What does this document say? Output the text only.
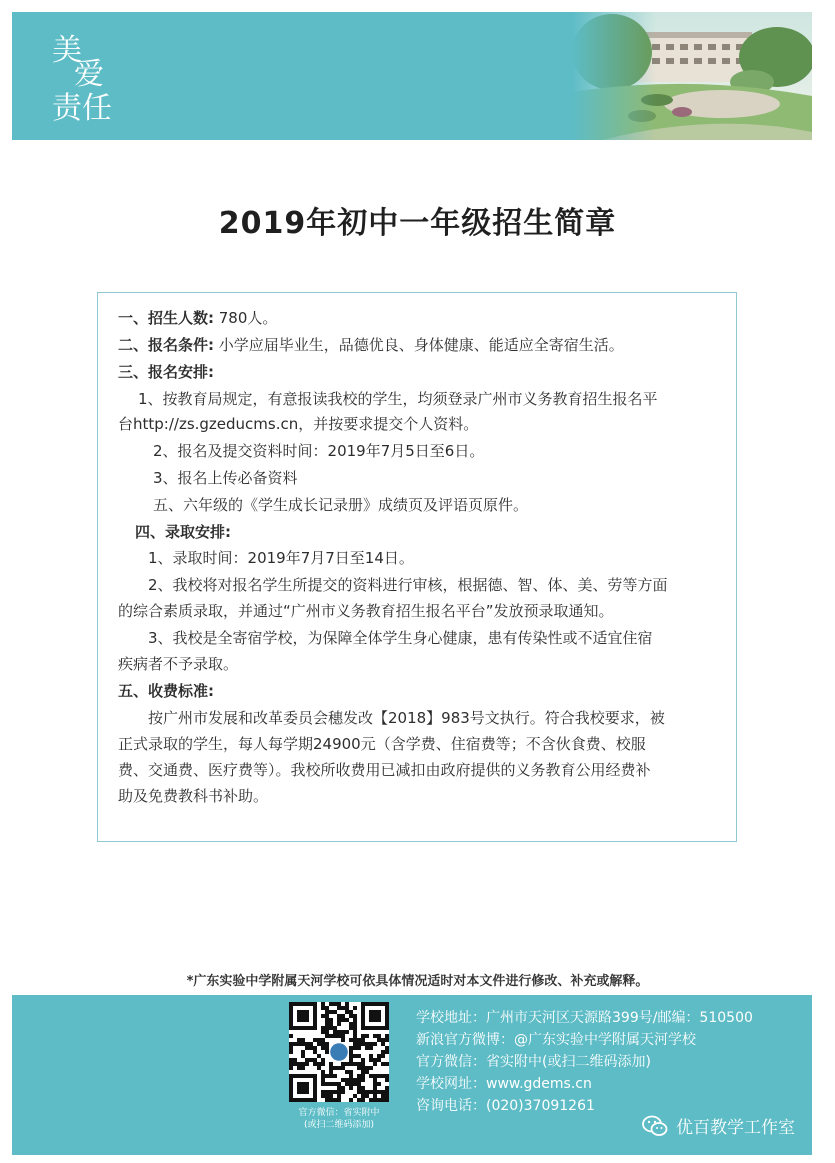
美
爱
责任
2019年初中一年级招生简章
一、招生人数: 780人。
二、报名条件: 小学应届毕业生，品德优良、身体健康、能适应全寄宿生活。
三、报名安排:
1、按教育局规定，有意报读我校的学生，均须登录广州市义务教育招生报名平
台http://zs.gzeducms.cn，并按要求提交个人资料。
2、报名及提交资料时间：2019年7月5日至6日。
3、报名上传必备资料
五、六年级的《学生成长记录册》成绩页及评语页原件。
四、录取安排:
1、录取时间：2019年7月7日至14日。
2、我校将对报名学生所提交的资料进行审核，根据德、智、体、美、劳等方面
的综合素质录取，并通过“广州市义务教育招生报名平台”发放预录取通知。
3、我校是全寄宿学校，为保障全体学生身心健康，患有传染性或不适宜住宿
疾病者不予录取。
五、收费标准:
按广州市发展和改革委员会穗发改【2018】983号文执行。符合我校要求，被
正式录取的学生，每人每学期24900元（含学费、住宿费等；不含伙食费、校服
费、交通费、医疗费等）。我校所收费用已减扣由政府提供的义务教育公用经费补
助及免费教科书补助。
*广东实验中学附属天河学校可依具体情况适时对本文件进行修改、补充或解释。
官方微信：省实附中
(或扫二维码添加)
学校地址：广州市天河区天源路399号/邮编：510500
新浪官方微博：@广东实验中学附属天河学校
官方微信：省实附中(或扫二维码添加)
学校网址：www.gdems.cn
咨询电话：(020)37091261
优百教学工作室
